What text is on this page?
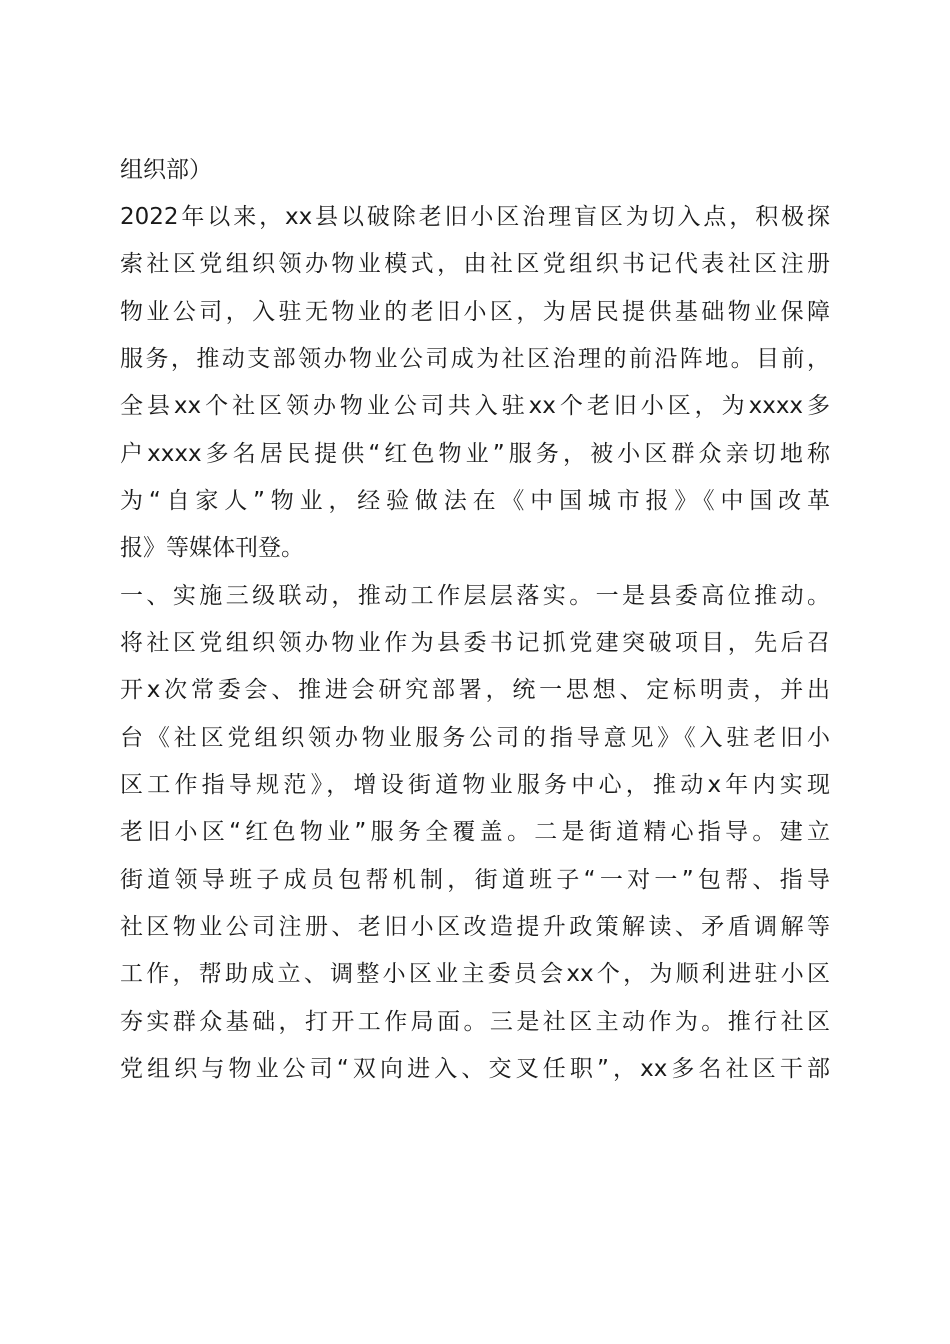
组织部）
2022年以来，xx县以破除老旧小区治理盲区为切入点，积极探
索社区党组织领办物业模式，由社区党组织书记代表社区注册
物业公司，入驻无物业的老旧小区，为居民提供基础物业保障
服务，推动支部领办物业公司成为社区治理的前沿阵地。目前，
全县xx个社区领办物业公司共入驻xx个老旧小区，为xxxx多
户xxxx多名居民提供“红色物业”服务，被小区群众亲切地称
为“自家人”物业，经验做法在《中国城市报》《中国改革
报》等媒体刊登。
一、实施三级联动，推动工作层层落实。一是县委高位推动。
将社区党组织领办物业作为县委书记抓党建突破项目，先后召
开x次常委会、推进会研究部署，统一思想、定标明责，并出
台《社区党组织领办物业服务公司的指导意见》《入驻老旧小
区工作指导规范》，增设街道物业服务中心，推动x年内实现
老旧小区“红色物业”服务全覆盖。二是街道精心指导。建立
街道领导班子成员包帮机制，街道班子“一对一”包帮、指导
社区物业公司注册、老旧小区改造提升政策解读、矛盾调解等
工作，帮助成立、调整小区业主委员会xx个，为顺利进驻小区
夯实群众基础，打开工作局面。三是社区主动作为。推行社区
党组织与物业公司“双向进入、交叉任职”，xx多名社区干部
